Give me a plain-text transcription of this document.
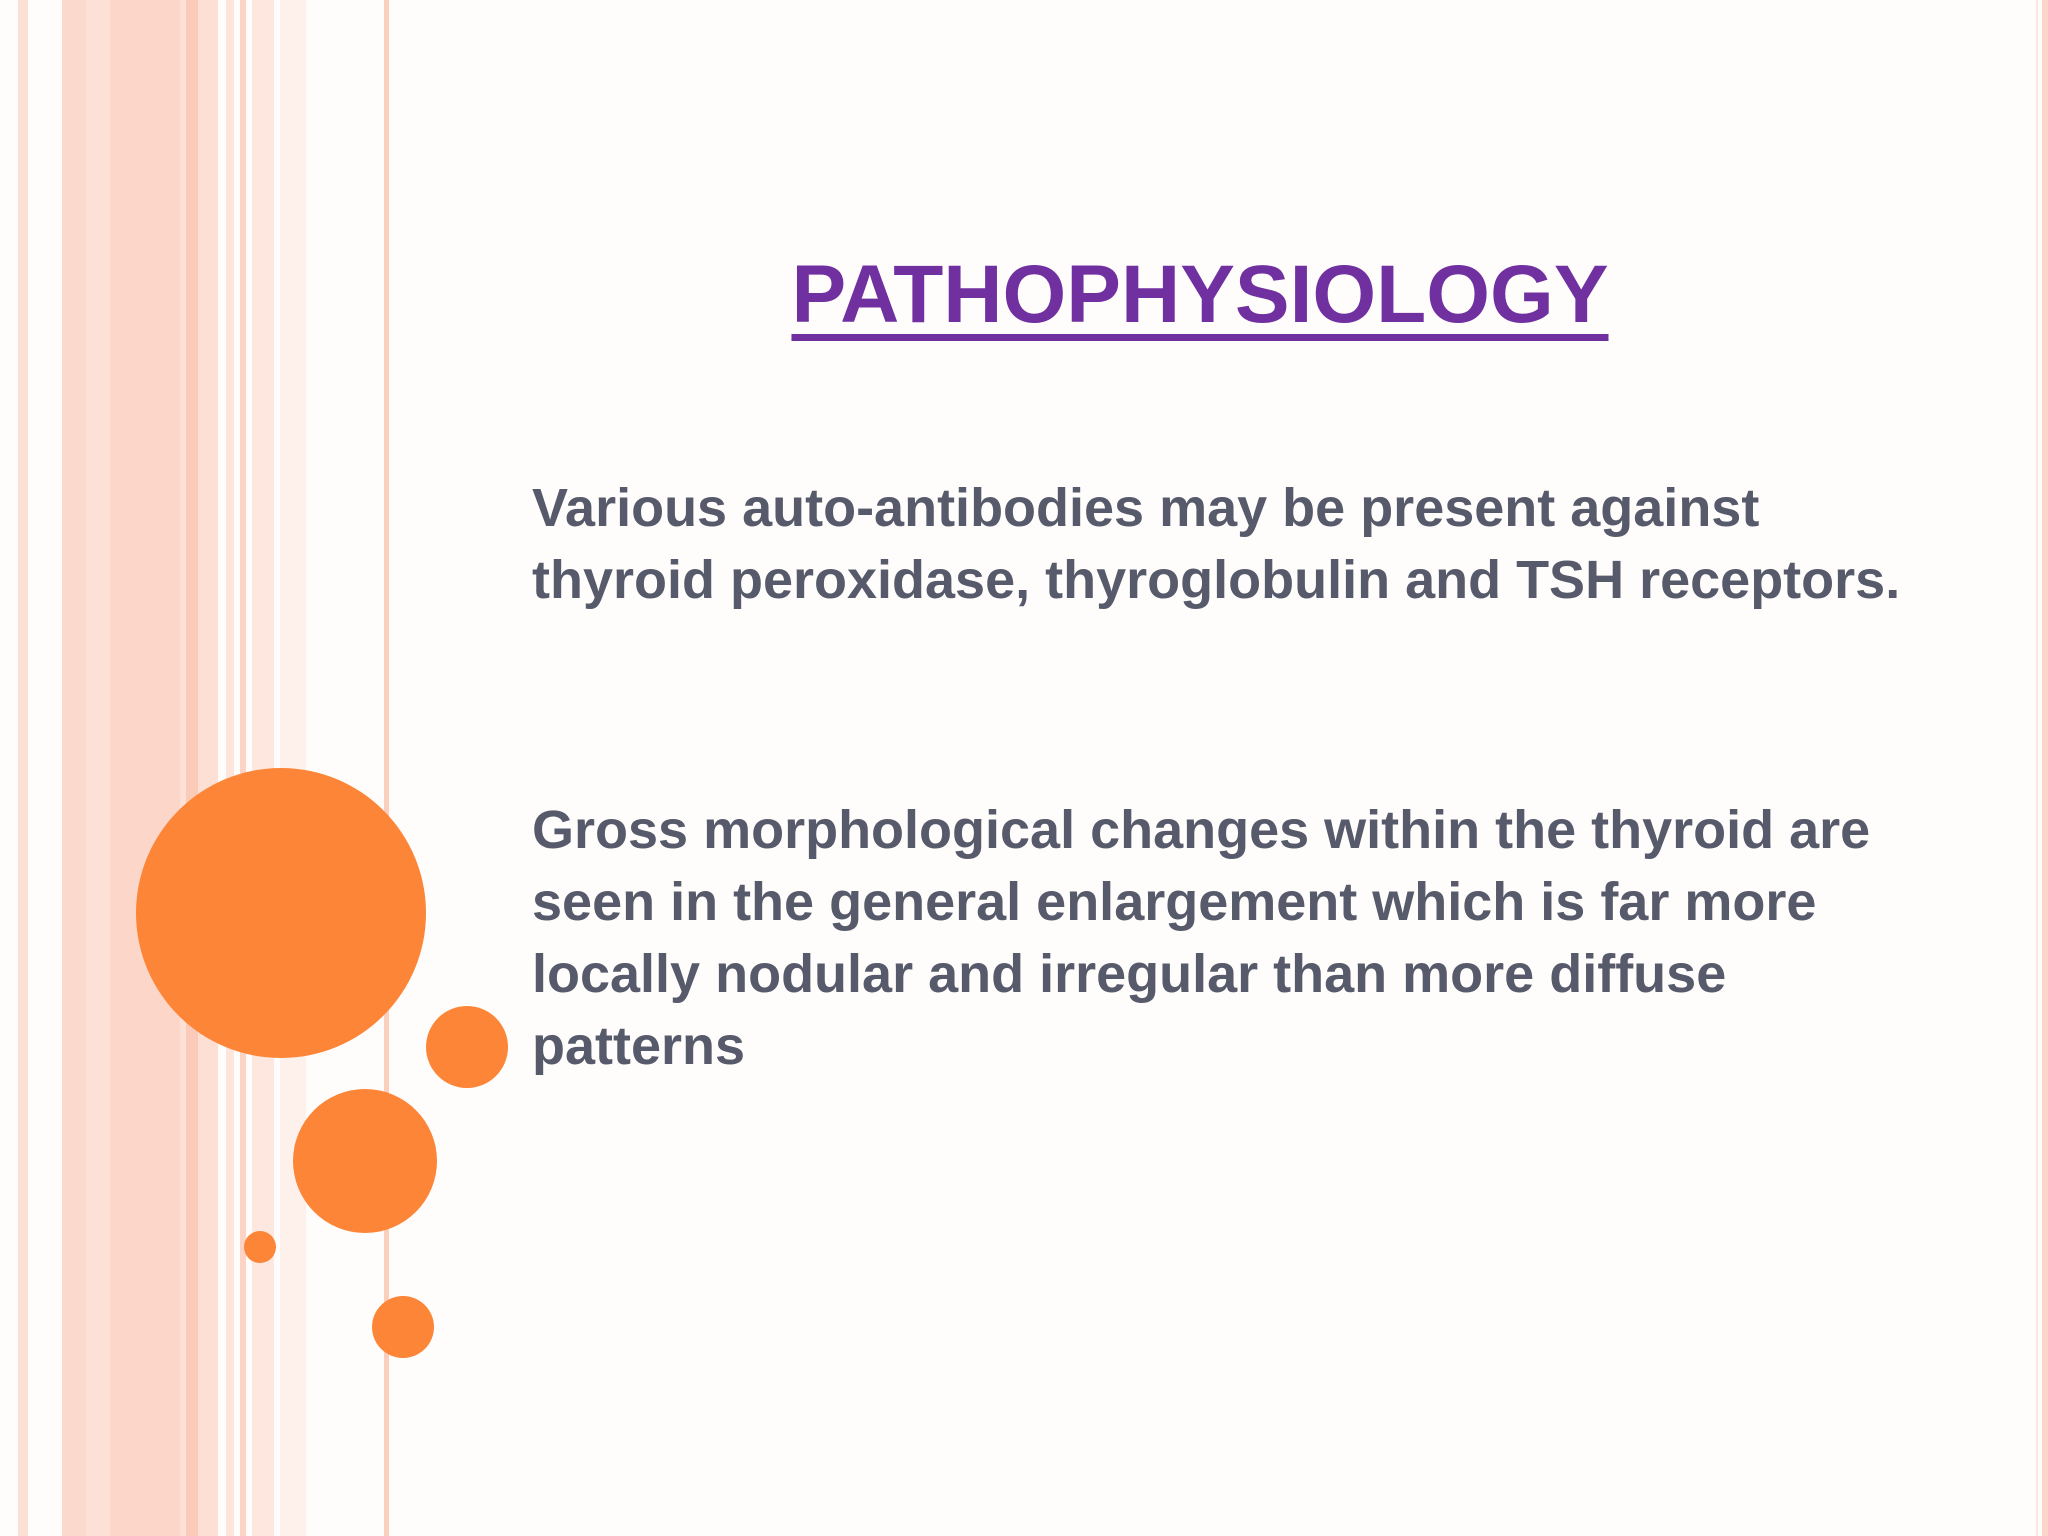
PATHOPHYSIOLOGY

Various auto-antibodies may be present against thyroid peroxidase, thyroglobulin and TSH receptors.

Gross morphological changes within the thyroid are seen in the general enlargement which is far more locally nodular and irregular than more diffuse patterns
